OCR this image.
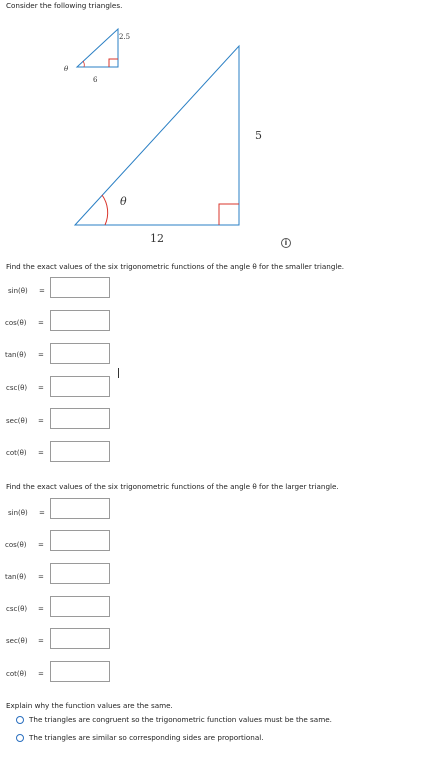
Consider the following triangles.
θ
6
2.5
θ
12
5
i
Find the exact values of the six trigonometric functions of the angle θ for the smaller triangle.
sin(θ) =
cos(θ) =
tan(θ) =
csc(θ) =
sec(θ) =
cot(θ) =
Find the exact values of the six trigonometric functions of the angle θ for the larger triangle.
sin(θ) =
cos(θ) =
tan(θ) =
csc(θ) =
sec(θ) =
cot(θ) =
Explain why the function values are the same.
The triangles are congruent so the trigonometric function values must be the same.
The triangles are similar so corresponding sides are proportional.
